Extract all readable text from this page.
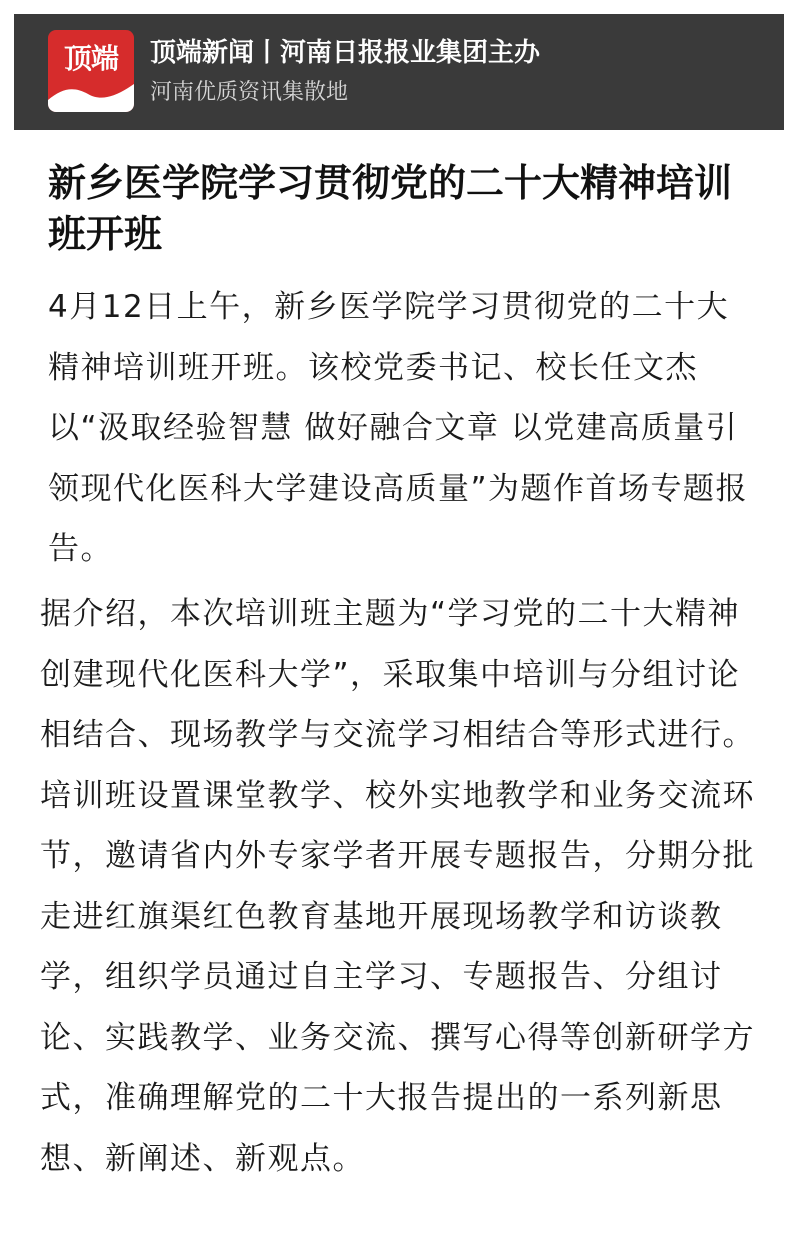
顶端	顶端新闻丨河南日报报业集团主办
河南优质资讯集散地
新乡医学院学习贯彻党的二十大精神培训班开班

4月12日上午，新乡医学院学习贯彻党的二十大精神培训班开班。该校党委书记、校长任文杰以“汲取经验智慧 做好融合文章 以党建高质量引领现代化医科大学建设高质量”为题作首场专题报告。

据介绍，本次培训班主题为“学习党的二十大精神 创建现代化医科大学”，采取集中培训与分组讨论相结合、现场教学与交流学习相结合等形式进行。培训班设置课堂教学、校外实地教学和业务交流环节，邀请省内外专家学者开展专题报告，分期分批走进红旗渠红色教育基地开展现场教学和访谈教学，组织学员通过自主学习、专题报告、分组讨论、实践教学、业务交流、撰写心得等创新研学方式，准确理解党的二十大报告提出的一系列新思想、新阐述、新观点。
